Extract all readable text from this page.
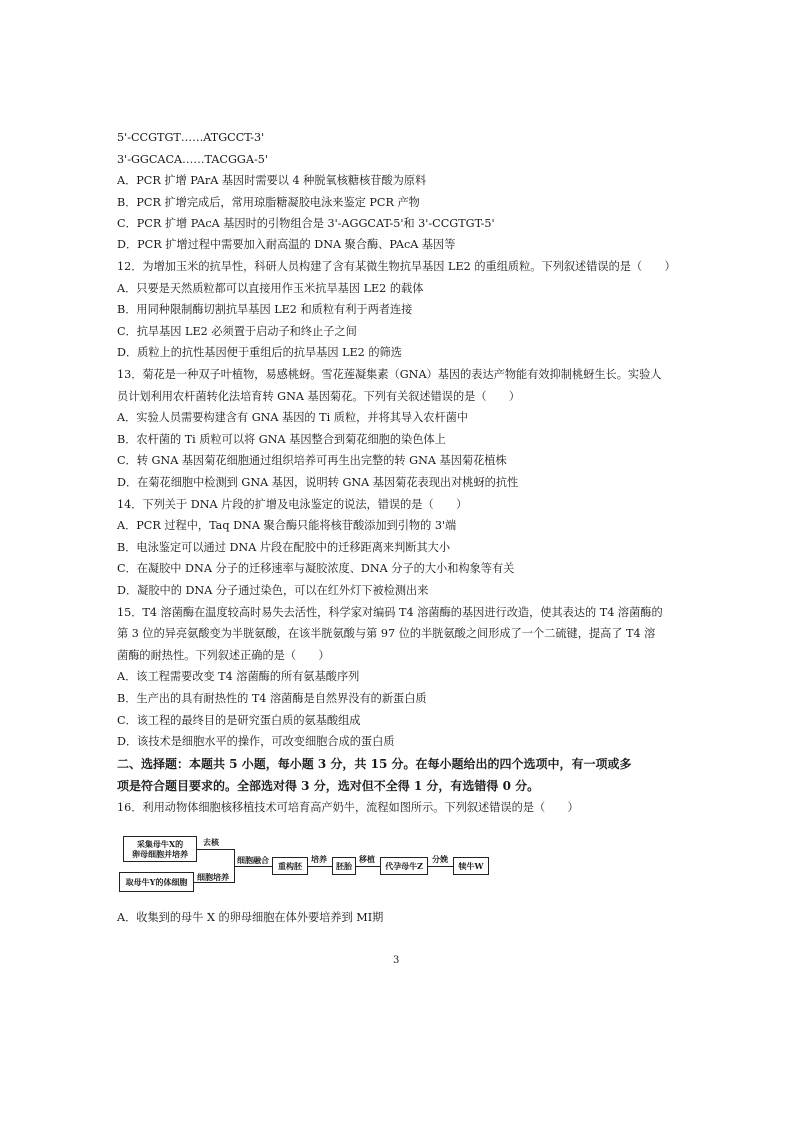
5'-CCGTGT……ATGCCT-3'
3'-GGCACA……TACGGA-5'
A．PCR 扩增 PArA 基因时需要以 4 种脱氧核糖核苷酸为原料
B．PCR 扩增完成后，常用琼脂糖凝胶电泳来鉴定 PCR 产物
C．PCR 扩增 PAcA 基因时的引物组合是 3'-AGGCAT-5'和 3'-CCGTGT-5'
D．PCR 扩增过程中需要加入耐高温的 DNA 聚合酶、PAcA 基因等
12．为增加玉米的抗旱性，科研人员构建了含有某微生物抗旱基因 LE2 的重组质粒。下列叙述错误的是（　　）
A．只要是天然质粒都可以直接用作玉米抗旱基因 LE2 的载体
B．用同种限制酶切割抗旱基因 LE2 和质粒有利于两者连接
C．抗旱基因 LE2 必须置于启动子和终止子之间
D．质粒上的抗性基因便于重组后的抗旱基因 LE2 的筛选
13．菊花是一种双子叶植物，易感桃蚜。雪花莲凝集素（GNA）基因的表达产物能有效抑制桃蚜生长。实验人
员计划利用农杆菌转化法培育转 GNA 基因菊花。下列有关叙述错误的是（　　）
A．实验人员需要构建含有 GNA 基因的 Ti 质粒，并将其导入农杆菌中
B．农杆菌的 Ti 质粒可以将 GNA 基因整合到菊花细胞的染色体上
C．转 GNA 基因菊花细胞通过组织培养可再生出完整的转 GNA 基因菊花植株
D．在菊花细胞中检测到 GNA 基因，说明转 GNA 基因菊花表现出对桃蚜的抗性
14．下列关于 DNA 片段的扩增及电泳鉴定的说法，错误的是（　　）
A．PCR 过程中，Taq DNA 聚合酶只能将核苷酸添加到引物的 3'端
B．电泳鉴定可以通过 DNA 片段在配胶中的迁移距离来判断其大小
C．在凝胶中 DNA 分子的迁移速率与凝胶浓度、DNA 分子的大小和构象等有关
D．凝胶中的 DNA 分子通过染色，可以在红外灯下被检测出来
15．T4 溶菌酶在温度较高时易失去活性，科学家对编码 T4 溶菌酶的基因进行改造，使其表达的 T4 溶菌酶的
第 3 位的异亮氨酸变为半胱氨酸，在该半胱氨酸与第 97 位的半胱氨酸之间形成了一个二硫键，提高了 T4 溶
菌酶的耐热性。下列叙述正确的是（　　）
A．该工程需要改变 T4 溶菌酶的所有氨基酸序列
B．生产出的具有耐热性的 T4 溶菌酶是自然界没有的新蛋白质
C．该工程的最终目的是研究蛋白质的氨基酸组成
D．该技术是细胞水平的操作，可改变细胞合成的蛋白质
二、选择题：本题共 5 小题，每小题 3 分，共 15 分。在每小题给出的四个选项中，有一项或多
项是符合题目要求的。全部选对得 3 分，选对但不全得 1 分，有选错得 0 分。
16．利用动物体细胞核移植技术可培育高产奶牛，流程如图所示。下列叙述错误的是（　　）
采集母牛X的
卵母细胞并培养
取母牛Y的体细胞
去核
细胞培养
细胞融合
重构胚
培养
胚胎
移植
代孕母牛Z
分娩
犊牛W
A．收集到的母牛 X 的卵母细胞在体外要培养到 MⅠ期
3
